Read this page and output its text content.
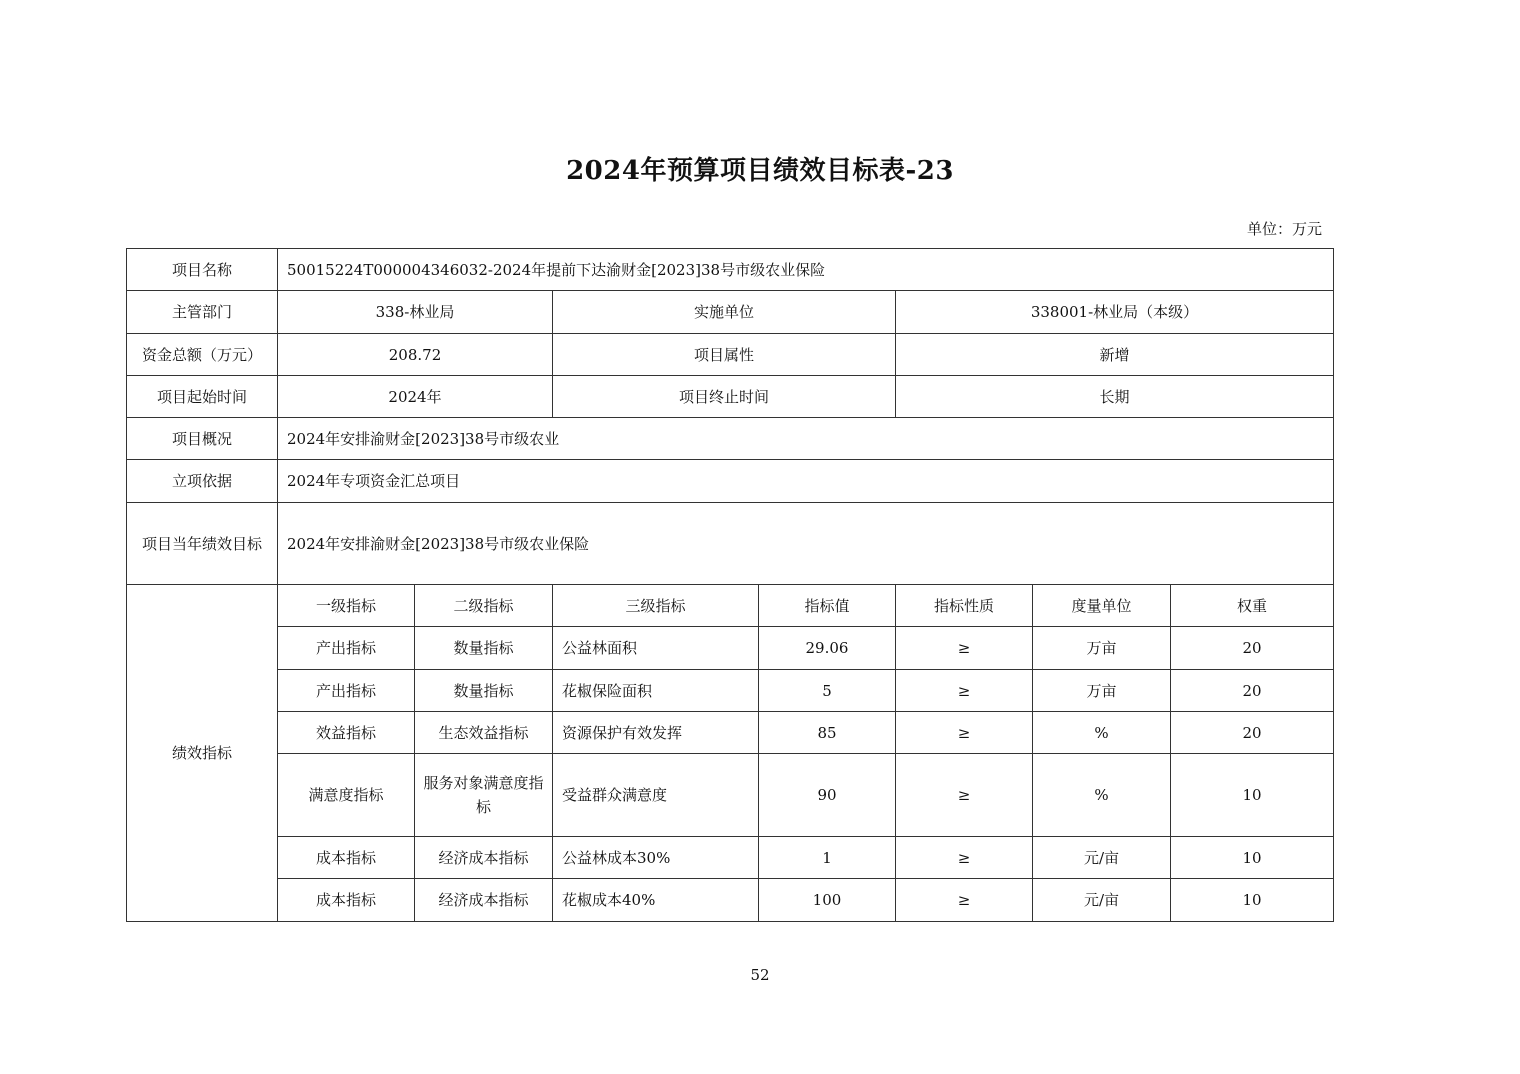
2024年预算项目绩效目标表-23
单位：万元
项目名称	50015224T000004346032-2024年提前下达渝财金[2023]38号市级农业保险						
主管部门	338-林业局		实施单位		338001-林业局（本级）		
资金总额（万元）	208.72		项目属性		新增		
项目起始时间	2024年		项目终止时间		长期		
项目概况	2024年安排渝财金[2023]38号市级农业						
立项依据	2024年专项资金汇总项目						
项目当年绩效目标	2024年安排渝财金[2023]38号市级农业保险						
绩效指标	一级指标	二级指标	三级指标	指标值	指标性质	度量单位	权重
	产出指标	数量指标	公益林面积	29.06	≥	万亩	20
	产出指标	数量指标	花椒保险面积	5	≥	万亩	20
	效益指标	生态效益指标	资源保护有效发挥	85	≥	%	20
	满意度指标	服务对象满意度指标	受益群众满意度	90	≥	%	10
	成本指标	经济成本指标	公益林成本30%	1	≥	元/亩	10
	成本指标	经济成本指标	花椒成本40%	100	≥	元/亩	10
52
